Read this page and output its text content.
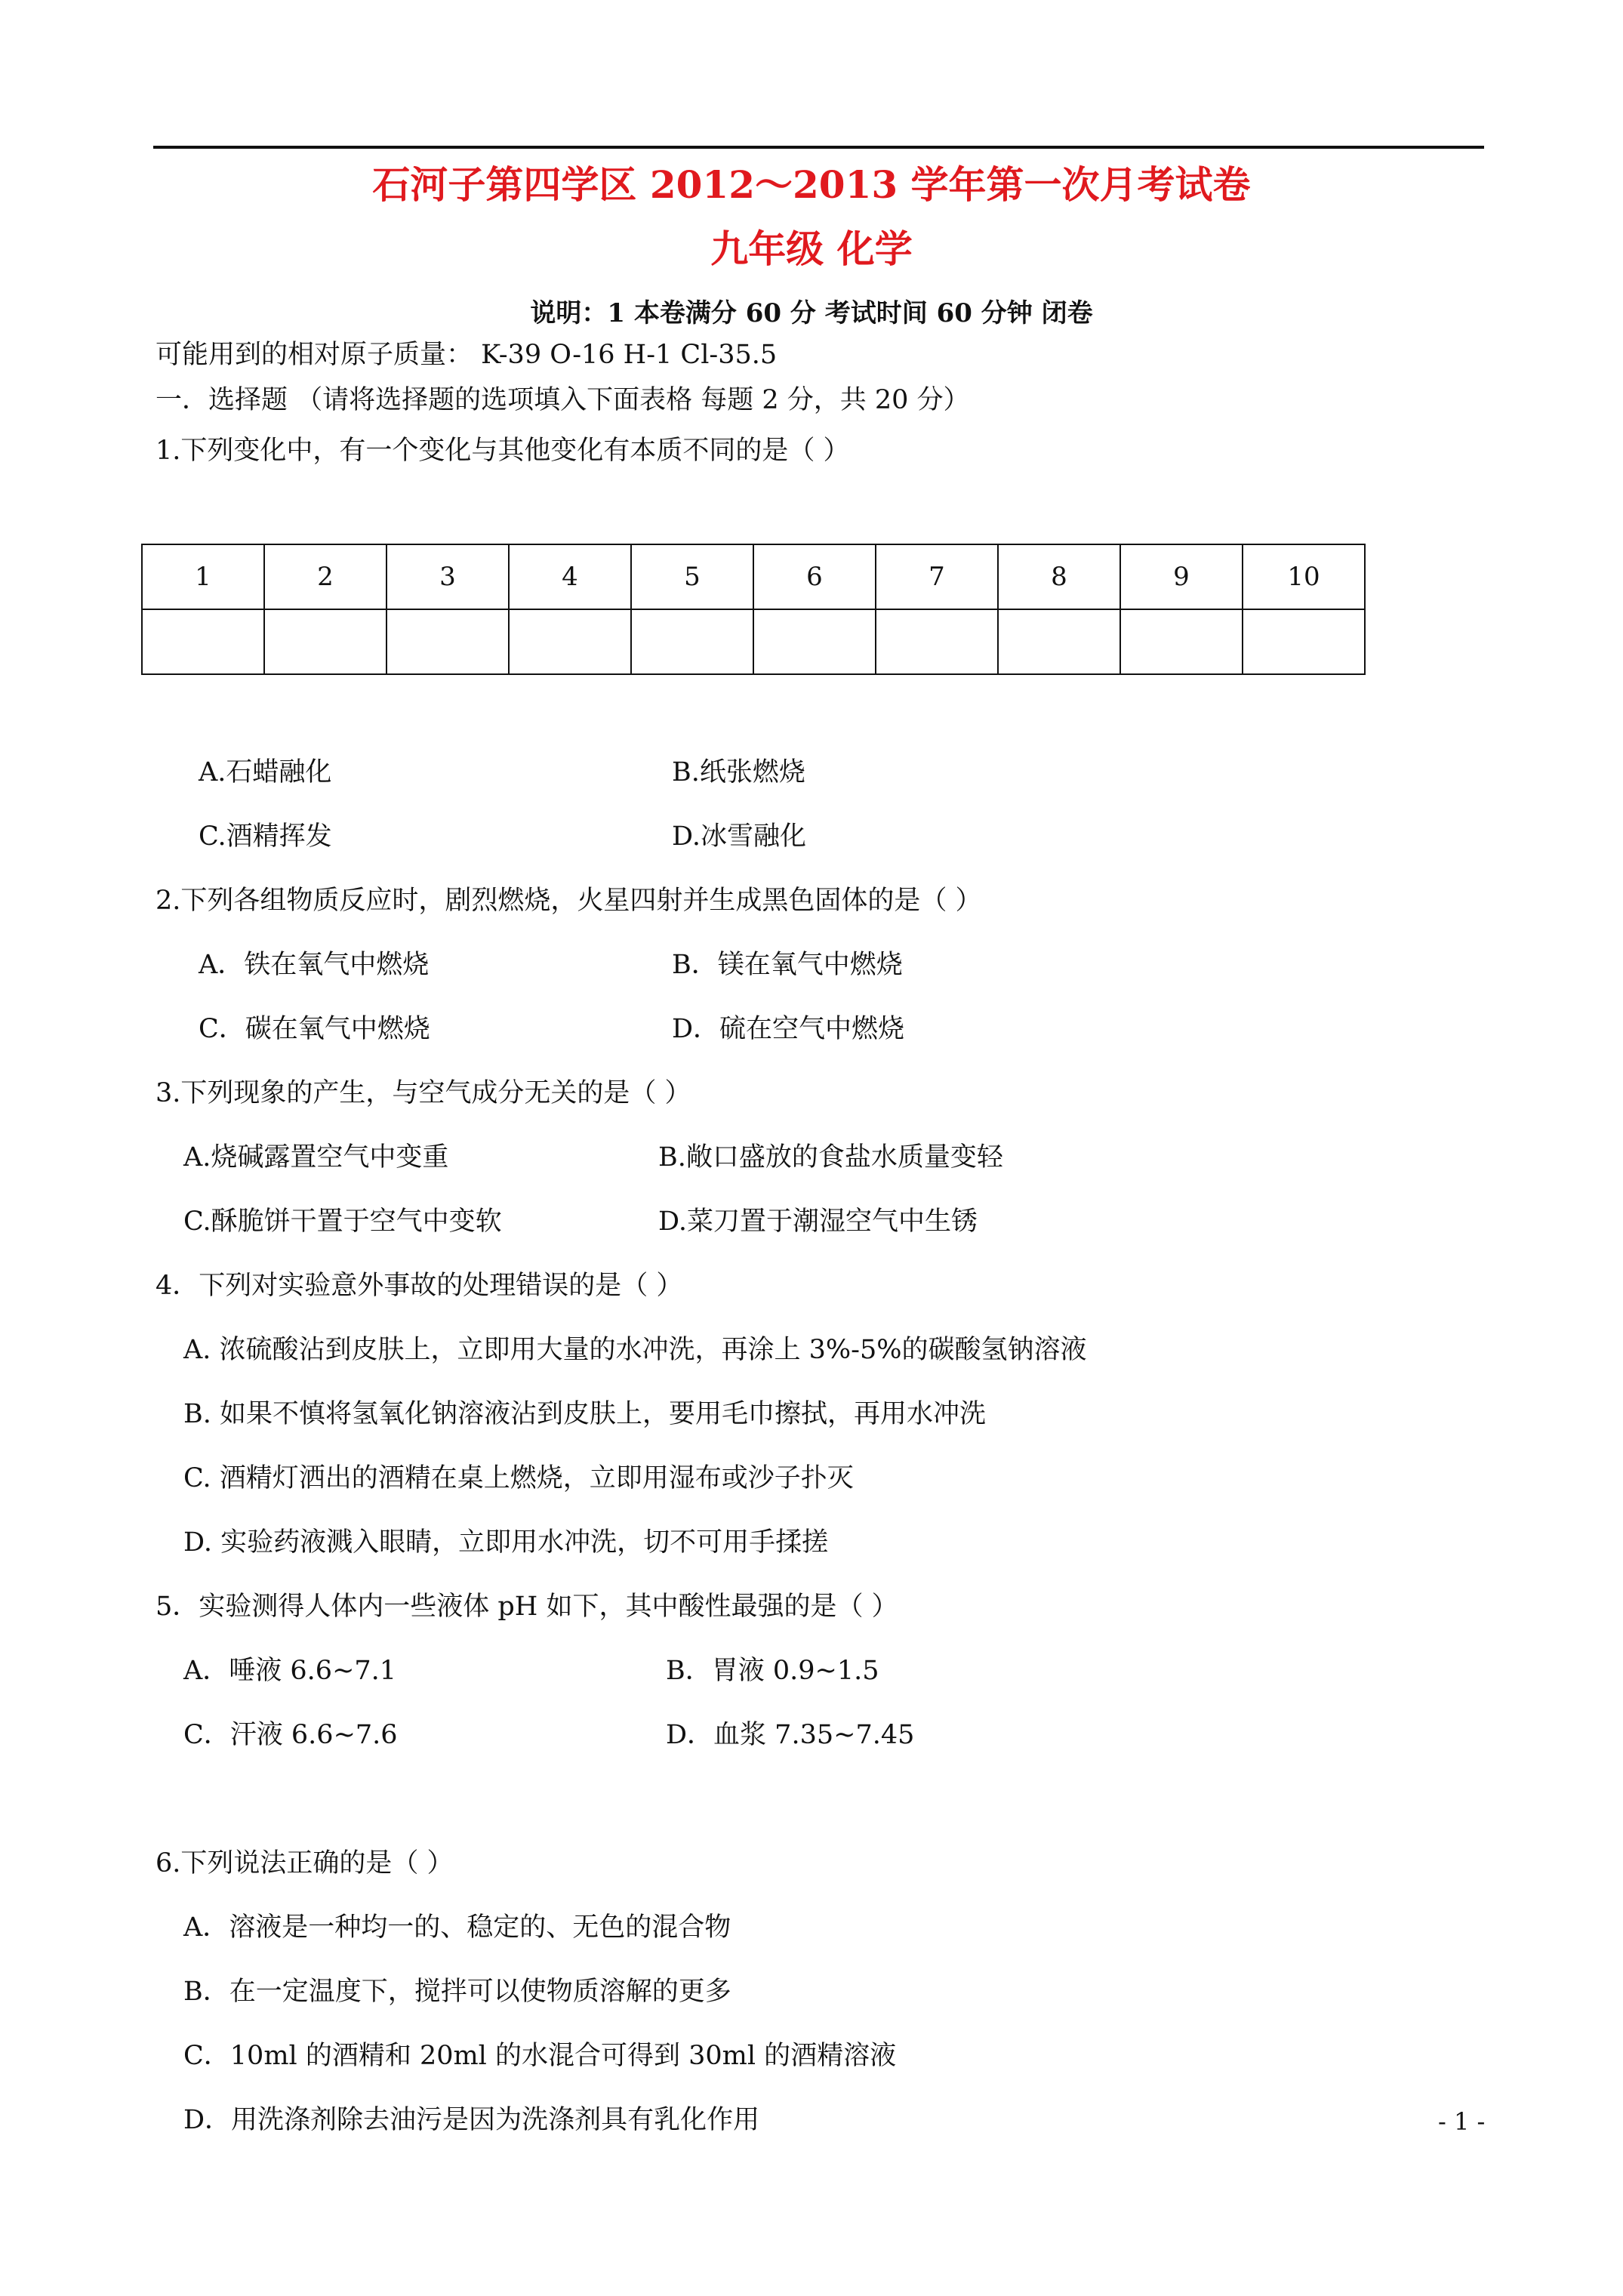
石河子第四学区 2012～2013 学年第一次月考试卷
九年级 化学
说明：1 本卷满分 60 分 考试时间 60 分钟 闭卷
可能用到的相对原子质量： K-39 O-16 H-1 Cl-35.5
一．选择题 （请将选择题的选项填入下面表格 每题 2 分，共 20 分）
1.下列变化中，有一个变化与其他变化有本质不同的是（ ）
1	2	3	4	5	6	7	8	9	10

A.石蜡融化	B.纸张燃烧
C.酒精挥发	D.冰雪融化
2.下列各组物质反应时，剧烈燃烧，火星四射并生成黑色固体的是（ ）
A．铁在氧气中燃烧	B．镁在氧气中燃烧
C．碳在氧气中燃烧	D．硫在空气中燃烧
3.下列现象的产生，与空气成分无关的是（ ）
A.烧碱露置空气中变重	B.敞口盛放的食盐水质量变轻
C.酥脆饼干置于空气中变软	D.菜刀置于潮湿空气中生锈
4．下列对实验意外事故的处理错误的是（ ）
A. 浓硫酸沾到皮肤上，立即用大量的水冲洗，再涂上 3%-5%的碳酸氢钠溶液
B. 如果不慎将氢氧化钠溶液沾到皮肤上，要用毛巾擦拭，再用水冲洗
C. 酒精灯洒出的酒精在桌上燃烧，立即用湿布或沙子扑灭
D. 实验药液溅入眼睛，立即用水冲洗，切不可用手揉搓
5．实验测得人体内一些液体 pH 如下，其中酸性最强的是（ ）
A．唾液 6.6~7.1	B．胃液 0.9~1.5
C．汗液 6.6~7.6	D．血浆 7.35~7.45
6.下列说法正确的是（ ）
A．溶液是一种均一的、稳定的、无色的混合物
B．在一定温度下，搅拌可以使物质溶解的更多
C．10ml 的酒精和 20ml 的水混合可得到 30ml 的酒精溶液
D．用洗涤剂除去油污是因为洗涤剂具有乳化作用	- 1 -
